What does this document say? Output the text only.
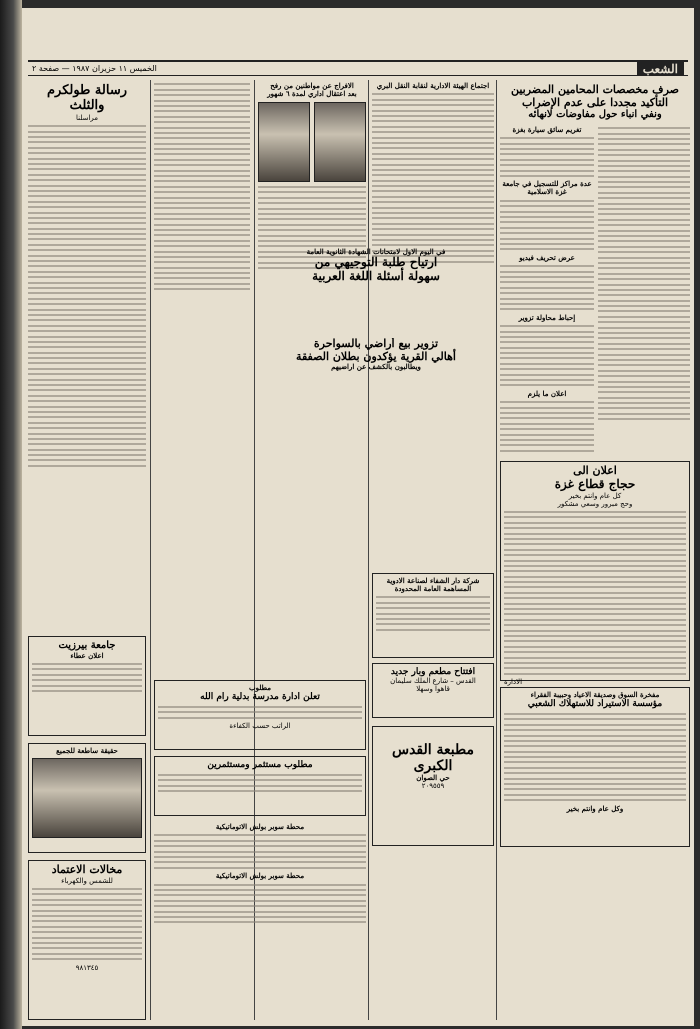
الشعب
الخميس ١١ حزيران ١٩٨٧ — صفحة ٢
صرف مخصصات المحامين المضربين
التأكيد مجددا على عدم الإضراب
ونفي انباء حول مفاوضات لانهائه
تغريم سائق سيارة بغزة
عدة مراكز للتسجيل في جامعة غزة الاسلامية
عرض تحريف فيديو
إحباط محاولة تزوير
اعلان ما يلزم
اعلان الى
حجاج قطاع غزة
كل عام وانتم بخير
وحج مبرور وسعي مشكور
الادارة
مفخرة السوق وصديقة الاعياد وحبيبة الفقراء
مؤسسة الاستيراد للاستهلاك الشعبي
وكل عام وانتم بخير
اجتماع الهيئة الادارية لنقابة النقل البري
الافراج عن مواطنين من رفح
بعد اعتقال اداري لمدة ٦ شهور
في اليوم الاول لامتحانات الشهادة الثانوية العامة
ارتياح طلبة التوجيهي من
سهولة أسئلة اللغة العربية
تزوير بيع أراضي بالسواحرة
أهالي القرية يؤكدون بطلان الصفقة
ويطالبون بالكشف عن اراضيهم
شركة دار الشفاء لصناعة الادوية
المساهمة العامة المحدودة
افتتاح مطعم وبار جديد
القدس – شارع الملك سليمان
قاهوا وسهلا
مطبعة القدس الكبرى
حي الصوان
٢٠٩٥٥٩
مطلوب
تعلن ادارة مدرسة بدلية رام الله
الراتب حسب الكفاءة
مطلوب مستثمر ومستثمرين
محطة سوبر بولش الاتوماتيكية
محطة سوبر بولش الاتوماتيكية
رسالة طولكرم والثلث
مراسلنا
جامعة بيرزيت
اعلان عطاء
حقيقة ساطعة للجميع
مخالات الاعتماد
للشمس والكهرباء
٩٨١٣٤٥
